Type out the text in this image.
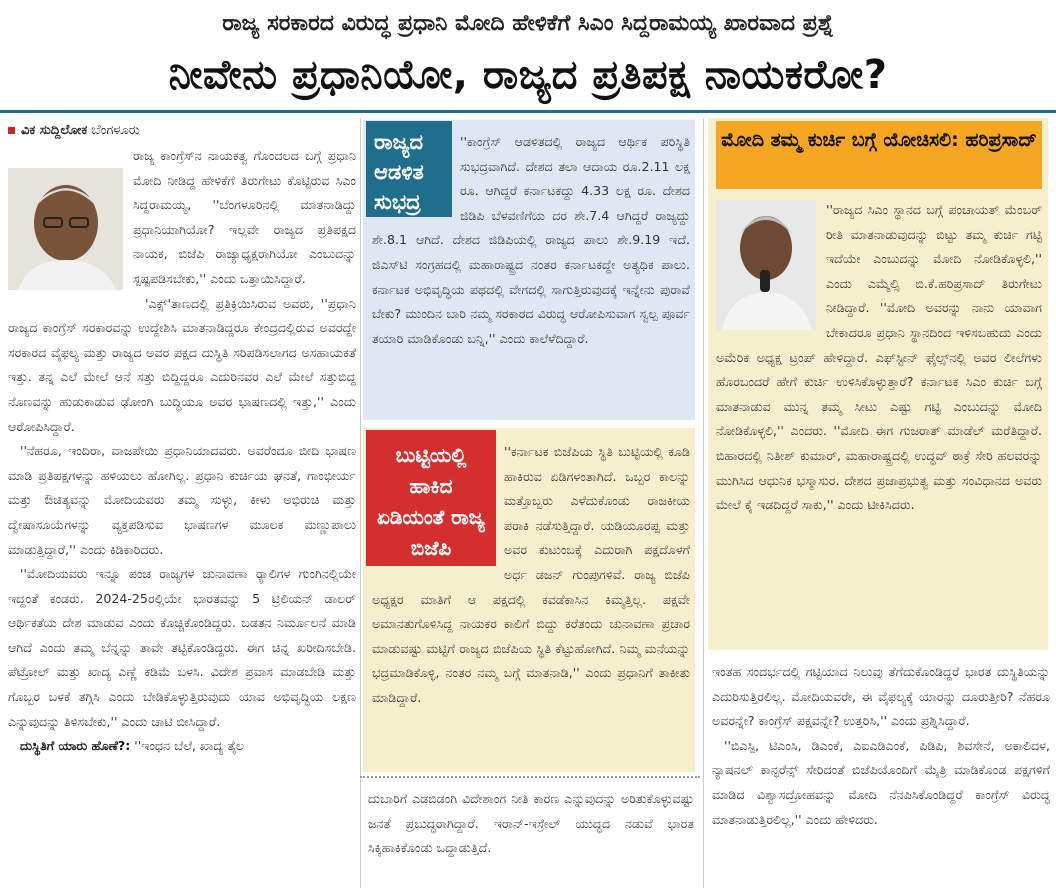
ರಾಜ್ಯ ಸರಕಾರದ ವಿರುದ್ಧ ಪ್ರಧಾನಿ ಮೋದಿ ಹೇಳಿಕೆಗೆ ಸಿಎಂ ಸಿದ್ದರಾಮಯ್ಯ ಖಾರವಾದ ಪ್ರಶ್ನೆ
ನೀವೇನು ಪ್ರಧಾನಿಯೋ, ರಾಜ್ಯದ ಪ್ರತಿಪಕ್ಷ ನಾಯಕರೋ?
ವಿಕ ಸುದ್ದಿಲೋಕ ಬೆಂಗಳೂರು

ರಾಜ್ಯ ಕಾಂಗ್ರೆಸ್‌ನ ನಾಯಕತ್ವ ಗೊಂದಲದ ಬಗ್ಗೆ ಪ್ರಧಾನಿ ಮೋದಿ ನೀಡಿದ್ದ ಹೇಳಿಕೆಗೆ ತಿರುಗೇಟು ಕೊಟ್ಟಿರುವ ಸಿಎಂ ಸಿದ್ದರಾಮಯ್ಯ, ''ಬೆಂಗಳೂರಿನಲ್ಲಿ ಮಾತನಾಡಿದ್ದು ಪ್ರಧಾನಿಯಾಗಿಯೋ? ಇಲ್ಲವೇ ರಾಜ್ಯದ ಪ್ರತಿಪಕ್ಷದ ನಾಯಕ, ಬಿಜೆಪಿ ರಾಜ್ಯಾಧ್ಯಕ್ಷರಾಗಿಯೋ ಎಂಬುದನ್ನು ಸ್ಪಷ್ಟಪಡಿಸಬೇಕು,'' ಎಂದು ಒತ್ತಾಯಿಸಿದ್ದಾರೆ.

'ಎಕ್ಸ್‌'ತಾಣದಲ್ಲಿ ಪ್ರತಿಕ್ರಿಯಿಸಿರುವ ಅವರು, ''ಪ್ರಧಾನಿ ರಾಜ್ಯದ ಕಾಂಗ್ರೆಸ್ ಸರಕಾರವನ್ನು ಉದ್ದೇಶಿಸಿ ಮಾತನಾಡಿದ್ದರೂ ಕೇಂದ್ರದಲ್ಲಿರುವ ಅವರದ್ದೇ ಸರಕಾರದ ವೈಫಲ್ಯ ಮತ್ತು ರಾಜ್ಯದ ಅವರ ಪಕ್ಷದ ದುಸ್ಥಿತಿ ಸರಿಪಡಿಸಲಾಗದ ಅಸಹಾಯಕತೆ ಇತ್ತು. ತನ್ನ ಎಲೆ ಮೇಲೆ ಆನೆ ಸತ್ತು ಬಿದ್ದಿದ್ದರೂ ಎದುರಿನವರ ಎಲೆ ಮೇಲೆ ಸತ್ತುಬಿದ್ದ ನೊಣವನ್ನು ಹುಡುಕಾಡುವ ಢೋಂಗಿ ಬುದ್ಧಿಯೂ ಅವರ ಭಾಷಣದಲ್ಲಿ ಇತ್ತು,'' ಎಂದು ಆರೋಪಿಸಿದ್ದಾರೆ.

''ನೆಹರೂ, ಇಂದಿರಾ, ವಾಜಪೇಯಿ ಪ್ರಧಾನಿಯಾದವರು. ಅವರೆಂದೂ ಬೀದಿ ಭಾಷಣ ಮಾಡಿ ಪ್ರತಿಪಕ್ಷಗಳನ್ನು ಹಳಿಯಲು ಹೋಗಿಲ್ಲ. ಪ್ರಧಾನಿ ಕುರ್ಚಿಯ ಘನತೆ, ಗಾಂಭೀರ್ಯ ಮತ್ತು ಔಚಿತ್ಯವನ್ನು ಮೋದಿಯವರು ತಮ್ಮ ಸುಳ್ಳು, ಕೀಳು ಅಭಿರುಚಿ ಮತ್ತು ದ್ವೇಷಾಸೂಯೆಗಳನ್ನು ವ್ಯಕ್ತಪಡಿಸುವ ಭಾಷಣಗಳ ಮೂಲಕ ಮಣ್ಣುಪಾಲು ಮಾಡುತ್ತಿದ್ದಾರೆ,'' ಎಂದು ಕಿಡಿಕಾರಿದರು.

''ಮೋದಿಯವರು ಇನ್ನೂ ಪಂಚ ರಾಜ್ಯಗಳ ಚುನಾವಣಾ ರ‍್ಯಾಲಿಗಳ ಗುಂಗಿನಲ್ಲಿಯೇ ಇದ್ದಂತೆ ಕಂಡರು. 2024-25ರಲ್ಲಿಯೇ ಭಾರತವನ್ನು 5 ಟ್ರಿಲಿಯನ್ ಡಾಲರ್ ಆರ್ಥಿಕತೆಯ ದೇಶ ಮಾಡುವ ಎಂದು ಕೊಚ್ಚಿಕೊಂಡಿದ್ದರು. ಬಡತನ ನಿರ್ಮೂಲನೆ ಮಾಡಿ ಆಗಿದೆ ಎಂದು ತಮ್ಮ ಬೆನ್ನನ್ನು ತಾವೇ ತಟ್ಟಿಕೊಂಡಿದ್ದರು. ಈಗ ಚಿನ್ನ ಖರೀದಿಸಬೇಡಿ. ಪೆಟ್ರೋಲ್ ಮತ್ತು ಖಾದ್ಯ ಎಣ್ಣೆ ಕಡಿಮೆ ಬಳಸಿ. ವಿದೇಶ ಪ್ರವಾಸ ಮಾಡಬೇಡಿ ಮತ್ತು ಗೊಬ್ಬರ ಬಳಕೆ ತಗ್ಗಿಸಿ ಎಂದು ಬೇಡಿಕೊಳ್ಳುತ್ತಿರುವುದು ಯಾವ ಅಭಿವೃದ್ಧಿಯ ಲಕ್ಷಣ ಎನ್ನುವುದನ್ನು ತಿಳಿಸಬೇಕು,'' ಎಂದು ಚಾಟಿ ಬೀಸಿದ್ದಾರೆ.

ದುಸ್ಥಿತಿಗೆ ಯಾರು ಹೊಣೆ?: ''ಇಂಧನ ಬೆಲೆ, ಖಾದ್ಯ ತೈಲ

''ಕಾಂಗ್ರೆಸ್ ಆಡಳಿತದಲ್ಲಿ ರಾಜ್ಯದ ಆರ್ಥಿಕ ಪರಿಸ್ಥಿತಿ ಸುಭದ್ರವಾಗಿದೆ. ದೇಶದ ತಲಾ ಆದಾಯ ರೂ.2.11 ಲಕ್ಷ ರೂ. ಆಗಿದ್ದರೆ ಕರ್ನಾಟಕದ್ದು 4.33 ಲಕ್ಷ ರೂ. ದೇಶದ ಜಿಡಿಪಿ ಬೆಳವಣಿಗೆಯ ದರ ಶೇ.7.4 ಆಗಿದ್ದರೆ ರಾಜ್ಯದ್ದು ಶೇ.8.1 ಆಗಿದೆ. ದೇಶದ ಜಿಡಿಪಿಯಲ್ಲಿ ರಾಜ್ಯದ ಪಾಲು ಶೇ.9.19 ಇದೆ. ಜಿಎಸ್‌ಟಿ ಸಂಗ್ರಹದಲ್ಲಿ ಮಹಾರಾಷ್ಟ್ರದ ನಂತರ ಕರ್ನಾಟಕದ್ದೇ ಅತ್ಯಧಿಕ ಪಾಲು. ಕರ್ನಾಟಕ ಅಭಿವೃದ್ಧಿಯ ಪಥದಲ್ಲಿ ವೇಗದಲ್ಲಿ ಸಾಗುತ್ತಿರುವುದಕ್ಕೆ ಇನ್ನೇನು ಪುರಾವೆ ಬೇಕು? ಮುಂದಿನ ಬಾರಿ ನಮ್ಮ ಸರಕಾರದ ವಿರುದ್ಧ ಆರೋಪಿಸುವಾಗ ಸ್ವಲ್ಪ ಪೂರ್ವ ತಯಾರಿ ಮಾಡಿಕೊಂಡು ಬನ್ನಿ,'' ಎಂದು ಕಾಲೆಳೆದಿದ್ದಾರೆ.

ರಾಜ್ಯದ ಆಡಳಿತ ಸುಭದ್ರ

''ಕರ್ನಾಟಕ ಬಿಜೆಪಿಯ ಸ್ಥಿತಿ ಬುಟ್ಟಿಯಲ್ಲಿ ಕೂಡಿ ಹಾಕಿರುವ ಏಡಿಗಳಂತಾಗಿದೆ. ಒಬ್ಬರ ಕಾಲನ್ನು ಮತ್ತೊಬ್ಬರು ಎಳೆದುಕೊಂಡು ರಾಜಕೀಯ ಪರಾಕಿ ನಡೆಸುತ್ತಿದ್ದಾರೆ. ಯಡಿಯೂರಪ್ಪ ಮತ್ತು ಅವರ ಕುಟುಂಬಕ್ಕೆ ಎದುರಾಗಿ ಪಕ್ಷದೊಳಗೆ ಅರ್ಧ ಡಜನ್ ಗುಂಪುಗಳಿವೆ. ರಾಜ್ಯ ಬಿಜೆಪಿ ಅಧ್ಯಕ್ಷರ ಮಾತಿಗೆ ಆ ಪಕ್ಷದಲ್ಲಿ ಕವಡೆಕಾಸಿನ ಕಿಮ್ಮತ್ತಿಲ್ಲ. ಪಕ್ಷವೇ ಅಮಾನತುಗೊಳಿಸಿದ್ದ ನಾಯಕರ ಕಾಲಿಗೆ ಬಿದ್ದು ಕರೆತಂದು ಚುನಾವಣಾ ಪ್ರಚಾರ ಮಾಡುವಷ್ಟು ಮಟ್ಟಿಗೆ ರಾಜ್ಯದ ಬಿಜೆಪಿಯ ಸ್ಥಿತಿ ಕೆಟ್ಟುಹೋಗಿದೆ. ನಿಮ್ಮ ಮನೆಯನ್ನು ಭದ್ರಮಾಡಿಕೊಳ್ಳಿ, ನಂತರ ನಮ್ಮ ಬಗ್ಗೆ ಮಾತನಾಡಿ,'' ಎಂದು ಪ್ರಧಾನಿಗೆ ತಾಕೀತು ಮಾಡಿದ್ದಾರೆ.

ಬುಟ್ಟಿಯಲ್ಲಿ ಹಾಕಿದ ಏಡಿಯಂತೆ ರಾಜ್ಯ ಬಿಜೆಪಿ

ದುಬಾರಿಗೆ ಎಡಬಿಡಂಗಿ ವಿದೇಶಾಂಗ ನೀತಿ ಕಾರಣ ಎನ್ನುವುದನ್ನು ಅರಿತುಕೊಳ್ಳುವಷ್ಟು ಜನತೆ ಪ್ರಬುದ್ಧರಾಗಿದ್ದಾರೆ. ಇರಾನ್-ಇಸ್ರೇಲ್ ಯುದ್ಧದ ನಡುವೆ ಭಾರತ ಸಿಕ್ಕಿಹಾಕಿಕೊಂಡು ಒದ್ದಾಡುತ್ತಿದೆ.

ಮೋದಿ ತಮ್ಮ ಕುರ್ಚಿ ಬಗ್ಗೆ ಯೋಚಿಸಲಿ: ಹರಿಪ್ರಸಾದ್

''ರಾಜ್ಯದ ಸಿಎಂ ಸ್ಥಾನದ ಬಗ್ಗೆ ಪಂಚಾಯತ್ ಮೆಂಬರ್ ರೀತಿ ಮಾತನಾಡುವುದನ್ನು ಬಿಟ್ಟು ತಮ್ಮ ಕುರ್ಚಿ ಗಟ್ಟಿ ಇದೆಯೇ ಎಂಬುದನ್ನು ಮೋದಿ ನೋಡಿಕೊಳ್ಳಲಿ,'' ಎಂದು ಎಮ್ಮೆಲ್ಸಿ ಬಿ.ಕೆ.ಹರಿಪ್ರಸಾದ್ ತಿರುಗೇಟು ನೀಡಿದ್ದಾರೆ. ''ಮೋದಿ ಅವರನ್ನು ನಾನು ಯಾವಾಗ ಬೇಕಾದರೂ ಪ್ರಧಾನಿ ಸ್ಥಾನದಿಂದ ಇಳಿಸಬಹುದು ಎಂದು ಅಮೆರಿಕ ಅಧ್ಯಕ್ಷ ಟ್ರಂಪ್ ಹೇಳಿದ್ದಾರೆ. ಎಫ್‌ಸ್ಟೀನ್ ಫೈಲ್ಸ್‌ನಲ್ಲಿ ಅವರ ಲೀಲೆಗಳು ಹೊರಬಂದರೆ ಹೇಗೆ ಕುರ್ಚಿ ಉಳಿಸಿಕೊಳ್ಳುತ್ತಾರೆ? ಕರ್ನಾಟಕ ಸಿಎಂ ಕುರ್ಚಿ ಬಗ್ಗೆ ಮಾತನಾಡುವ ಮುನ್ನ ತಮ್ಮ ಸೀಟು ಎಷ್ಟು ಗಟ್ಟಿ ಎಂಬುದನ್ನು ಮೋದಿ ನೋಡಿಕೊಳ್ಳಲಿ,'' ಎಂದರು. ''ಮೋದಿ ಈಗ ಗುಜರಾತ್ ಮಾಡೆಲ್ ಮರೆತಿದ್ದಾರೆ. ಬಿಹಾರದಲ್ಲಿ ನಿತೀಶ್ ಕುಮಾರ್, ಮಹಾರಾಷ್ಟ್ರದಲ್ಲಿ ಉದ್ಧವ್ ಠಾಕ್ರೆ ಸೇರಿ ಹಲವರನ್ನು ಮುಗಿಸಿದ ಆಧುನಿಕ ಭಸ್ಮಾಸುರ. ದೇಶದ ಪ್ರಜಾಪ್ರಭುತ್ವ ಮತ್ತು ಸಂವಿಧಾನದ ಅವರು ಮೇಲೆ ಕೈ ಇಡದಿದ್ದರೆ ಸಾಕು,'' ಎಂದು ಟೀಕಿಸಿದರು.

ಇಂತಹ ಸಂದರ್ಭದಲ್ಲಿ ಗಟ್ಟಿಯಾದ ನಿಲುವು ತೆಗೆದುಕೊಂಡಿದ್ದರೆ ಭಾರತ ದುಸ್ಥಿತಿಯನ್ನು ಎದುರಿಸುತ್ತಿರಲಿಲ್ಲ. ಮೋದಿಯವರೇ, ಈ ವೈಫಲ್ಯಕ್ಕೆ ಯಾರನ್ನು ದೂರುತ್ತೀರಿ? ನೆಹರೂ ಅವರನ್ನೇ? ಕಾಂಗ್ರೆಸ್ ಪಕ್ಷವನ್ನೇ? ಉತ್ತರಿಸಿ,'' ಎಂದು ಪ್ರಶ್ನಿಸಿದ್ದಾರೆ.

''ಬಿಎಸ್ಪಿ, ಟಿಎಂಸಿ, ಡಿಎಂಕೆ, ಎಐಎಡಿಎಂಕೆ, ಪಿಡಿಪಿ, ಶಿವಸೇನೆ, ಅಕಾಲಿದಳ, ನ್ಯಾಷನಲ್ ಕಾನ್ಫರೆನ್ಸ್ ಸೇರಿದಂತೆ ಬಿಜೆಪಿಯೊಂದಿಗೆ ಮೈತ್ರಿ ಮಾಡಿಕೊಂಡ ಪಕ್ಷಗಳಿಗೆ ಮಾಡಿದ ವಿಶ್ವಾಸದ್ರೋಹವನ್ನು ಮೋದಿ ನೆನಪಿಸಿಕೊಂಡಿದ್ದರೆ ಕಾಂಗ್ರೆಸ್ ವಿರುದ್ಧ ಮಾತನಾಡುತ್ತಿರಲಿಲ್ಲ,'' ಎಂದು ಹೇಳಿದರು.
